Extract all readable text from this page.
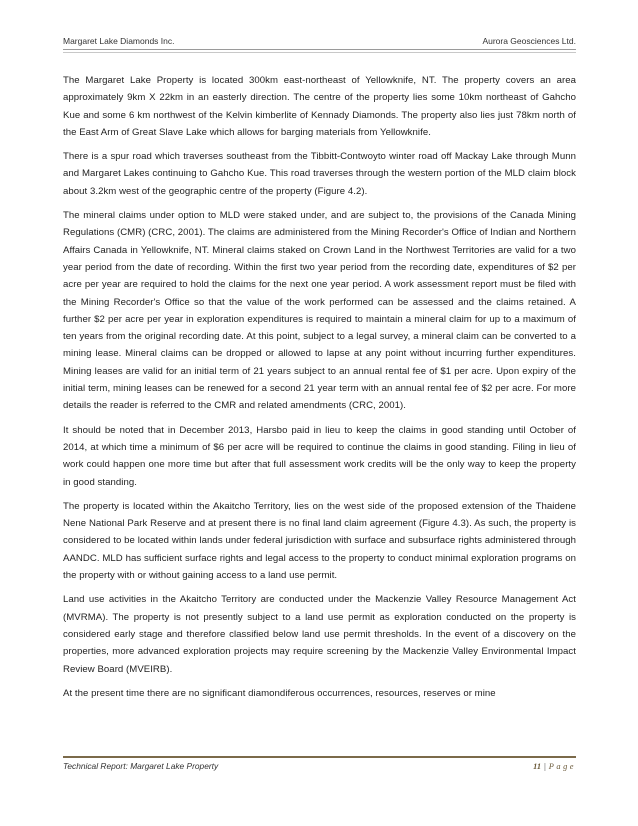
Margaret Lake Diamonds Inc.	Aurora Geosciences Ltd.

The Margaret Lake Property is located 300km east-northeast of Yellowknife, NT. The property covers an area approximately 9km X 22km in an easterly direction. The centre of the property lies some 10km northeast of Gahcho Kue and some 6 km northwest of the Kelvin kimberlite of Kennady Diamonds. The property also lies just 78km north of the East Arm of Great Slave Lake which allows for barging materials from Yellowknife.

There is a spur road which traverses southeast from the Tibbitt-Contwoyto winter road off Mackay Lake through Munn and Margaret Lakes continuing to Gahcho Kue. This road traverses through the western portion of the MLD claim block about 3.2km west of the geographic centre of the property (Figure 4.2).

The mineral claims under option to MLD were staked under, and are subject to, the provisions of the Canada Mining Regulations (CMR) (CRC, 2001). The claims are administered from the Mining Recorder's Office of Indian and Northern Affairs Canada in Yellowknife, NT. Mineral claims staked on Crown Land in the Northwest Territories are valid for a two year period from the date of recording. Within the first two year period from the recording date, expenditures of $2 per acre per year are required to hold the claims for the next one year period. A work assessment report must be filed with the Mining Recorder's Office so that the value of the work performed can be assessed and the claims retained. A further $2 per acre per year in exploration expenditures is required to maintain a mineral claim for up to a maximum of ten years from the original recording date. At this point, subject to a legal survey, a mineral claim can be converted to a mining lease. Mineral claims can be dropped or allowed to lapse at any point without incurring further expenditures. Mining leases are valid for an initial term of 21 years subject to an annual rental fee of $1 per acre. Upon expiry of the initial term, mining leases can be renewed for a second 21 year term with an annual rental fee of $2 per acre. For more details the reader is referred to the CMR and related amendments (CRC, 2001).

It should be noted that in December 2013, Harsbo paid in lieu to keep the claims in good standing until October of 2014, at which time a minimum of $6 per acre will be required to continue the claims in good standing. Filing in lieu of work could happen one more time but after that full assessment work credits will be the only way to keep the property in good standing.

The property is located within the Akaitcho Territory, lies on the west side of the proposed extension of the Thaidene Nene National Park Reserve and at present there is no final land claim agreement (Figure 4.3). As such, the property is considered to be located within lands under federal jurisdiction with surface and subsurface rights administered through AANDC. MLD has sufficient surface rights and legal access to the property to conduct minimal exploration programs on the property with or without gaining access to a land use permit.

Land use activities in the Akaitcho Territory are conducted under the Mackenzie Valley Resource Management Act (MVRMA). The property is not presently subject to a land use permit as exploration conducted on the property is considered early stage and therefore classified below land use permit thresholds. In the event of a discovery on the properties, more advanced exploration projects may require screening by the Mackenzie Valley Environmental Impact Review Board (MVEIRB).

At the present time there are no significant diamondiferous occurrences, resources, reserves or mine

Technical Report: Margaret Lake Property	11 | Page
